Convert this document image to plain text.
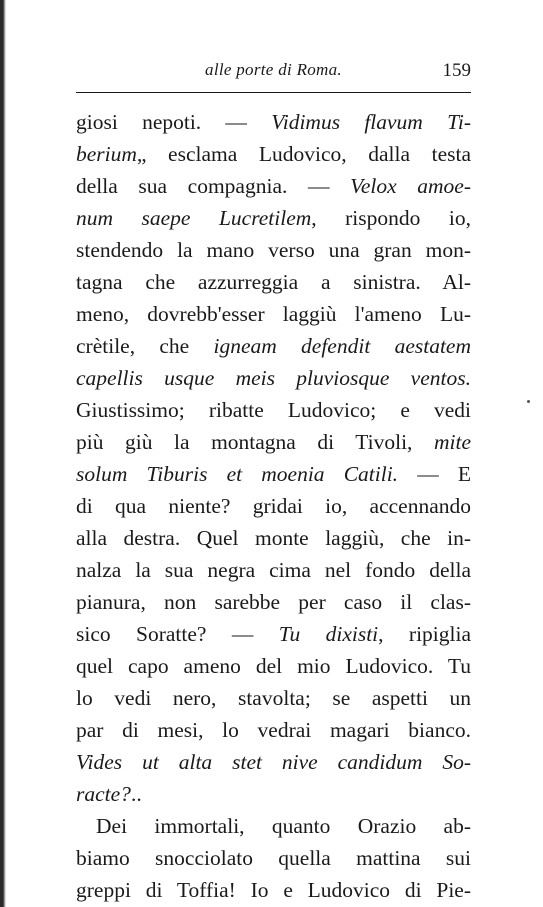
alle porte di Roma.	159
giosi nepoti. — Vidimus flavum Ti-
berium„ esclama Ludovico, dalla testa
della sua compagnia. — Velox amoe-
num saepe Lucretilem, rispondo io,
stendendo la mano verso una gran mon-
tagna che azzurreggia a sinistra. Al-
meno, dovrebb'esser laggiù l'ameno Lu-
crètile, che igneam defendit aestatem
capellis usque meis pluviosque ventos.
Giustissimo; ribatte Ludovico; e vedi
più giù la montagna di Tivoli, mite
solum Tiburis et moenia Catili. — E
di qua niente? gridai io, accennando
alla destra. Quel monte laggiù, che in-
nalza la sua negra cima nel fondo della
pianura, non sarebbe per caso il clas-
sico Soratte? — Tu dixisti, ripiglia
quel capo ameno del mio Ludovico. Tu
lo vedi nero, stavolta; se aspetti un
par di mesi, lo vedrai magari bianco.
Vides ut alta stet nive candidum So-
racte?..
Dei immortali, quanto Orazio ab-
biamo snocciolato quella mattina sui
greppi di Toffia! Io e Ludovico di Pie-
